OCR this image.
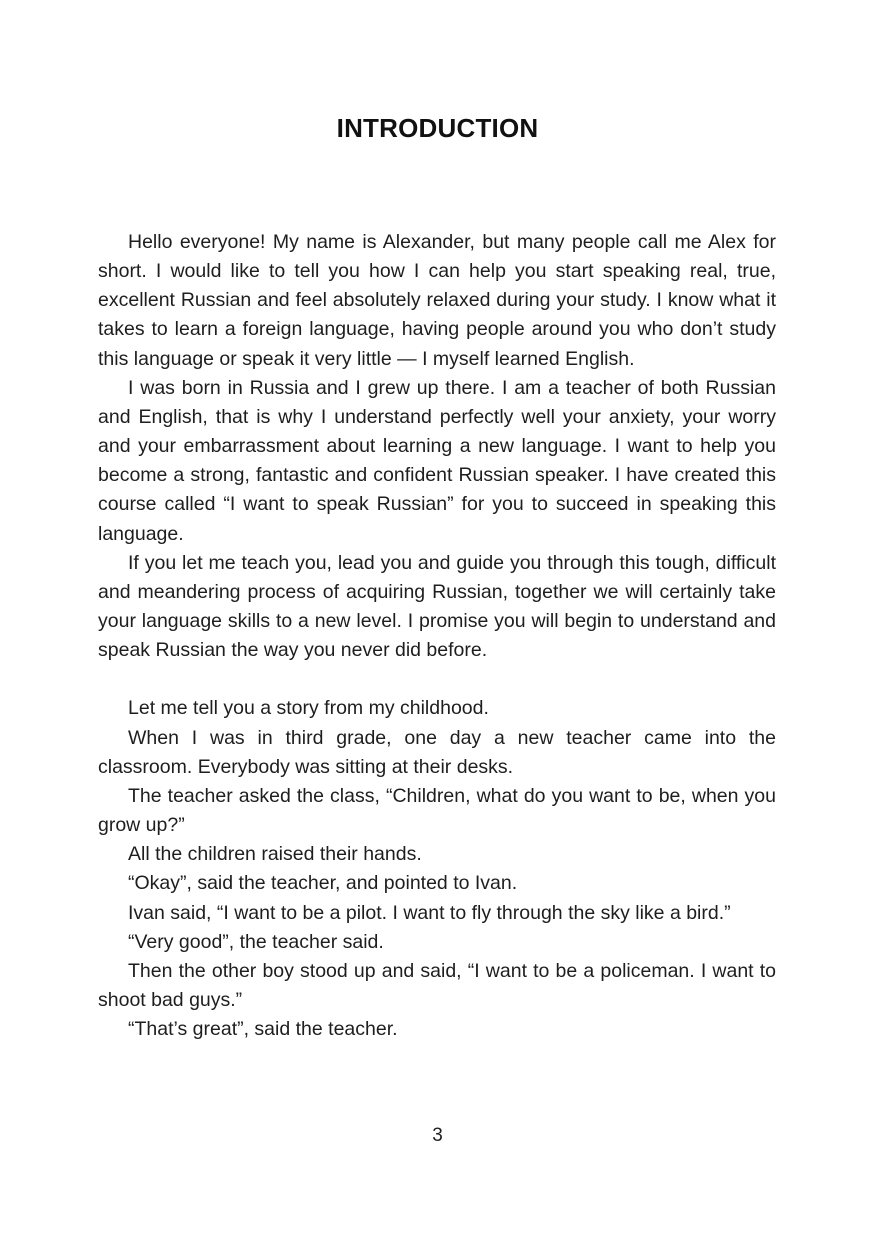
INTRODUCTION

Hello everyone! My name is Alexander, but many people call me Alex for short. I would like to tell you how I can help you start speaking real, true, excellent Russian and feel absolutely relaxed during your study. I know what it takes to learn a foreign language, having people around you who don’t study this language or speak it very little — I myself learned English.

I was born in Russia and I grew up there. I am a teacher of both Russian and English, that is why I understand perfectly well your anxiety, your worry and your embarrassment about learning a new language. I want to help you become a strong, fantastic and confident Russian speaker. I have created this course called “I want to speak Russian” for you to succeed in speaking this language.

If you let me teach you, lead you and guide you through this tough, difficult and meandering process of acquiring Russian, together we will certainly take your language skills to a new level. I promise you will begin to understand and speak Russian the way you never did before.

Let me tell you a story from my childhood.

When I was in third grade, one day a new teacher came into the classroom. Everybody was sitting at their desks.

The teacher asked the class, “Children, what do you want to be, when you grow up?”

All the children raised their hands.

“Okay”, said the teacher, and pointed to Ivan.

Ivan said, “I want to be a pilot. I want to fly through the sky like a bird.”

“Very good”, the teacher said.

Then the other boy stood up and said, “I want to be a policeman. I want to shoot bad guys.”

“That’s great”, said the teacher.

3
